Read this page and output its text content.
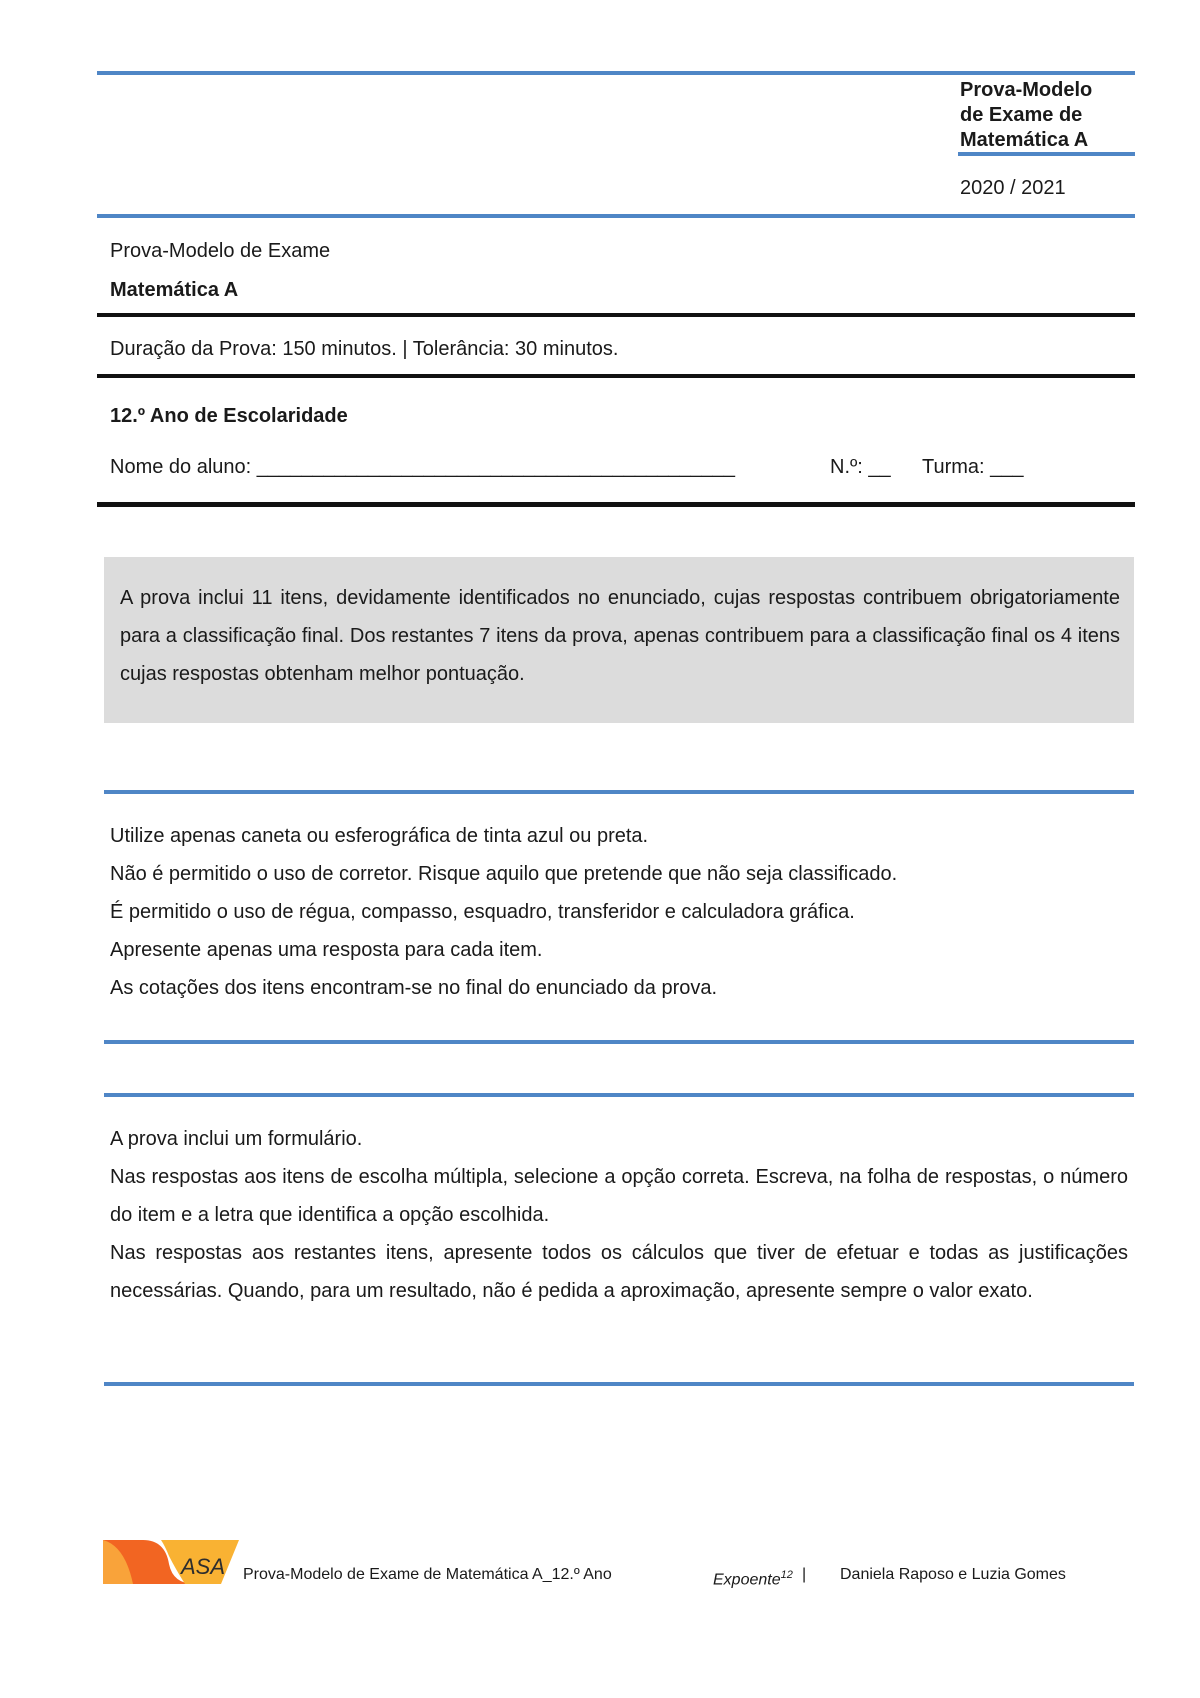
Prova-Modelo
de Exame de
Matemática A
2020 / 2021
Prova-Modelo de Exame
Matemática A
Duração da Prova: 150 minutos. | Tolerância: 30 minutos.
12.º Ano de Escolaridade
Nome do aluno: ___________________________________________	N.º: __ Turma: ___
A prova inclui 11 itens, devidamente identificados no enunciado, cujas respostas contribuem obrigatoriamente para a classificação final. Dos restantes 7 itens da prova, apenas contribuem para a classificação final os 4 itens cujas respostas obtenham melhor pontuação.
Utilize apenas caneta ou esferográfica de tinta azul ou preta.
Não é permitido o uso de corretor. Risque aquilo que pretende que não seja classificado.
É permitido o uso de régua, compasso, esquadro, transferidor e calculadora gráfica.
Apresente apenas uma resposta para cada item.
As cotações dos itens encontram-se no final do enunciado da prova.
A prova inclui um formulário.
Nas respostas aos itens de escolha múltipla, selecione a opção correta. Escreva, na folha de respostas, o número do item e a letra que identifica a opção escolhida.
Nas respostas aos restantes itens, apresente todos os cálculos que tiver de efetuar e todas as justificações necessárias. Quando, para um resultado, não é pedida a aproximação, apresente sempre o valor exato.
ASA Prova-Modelo de Exame de Matemática A_12.º Ano	Expoente$^{12}$ | Daniela Raposo e Luzia Gomes
